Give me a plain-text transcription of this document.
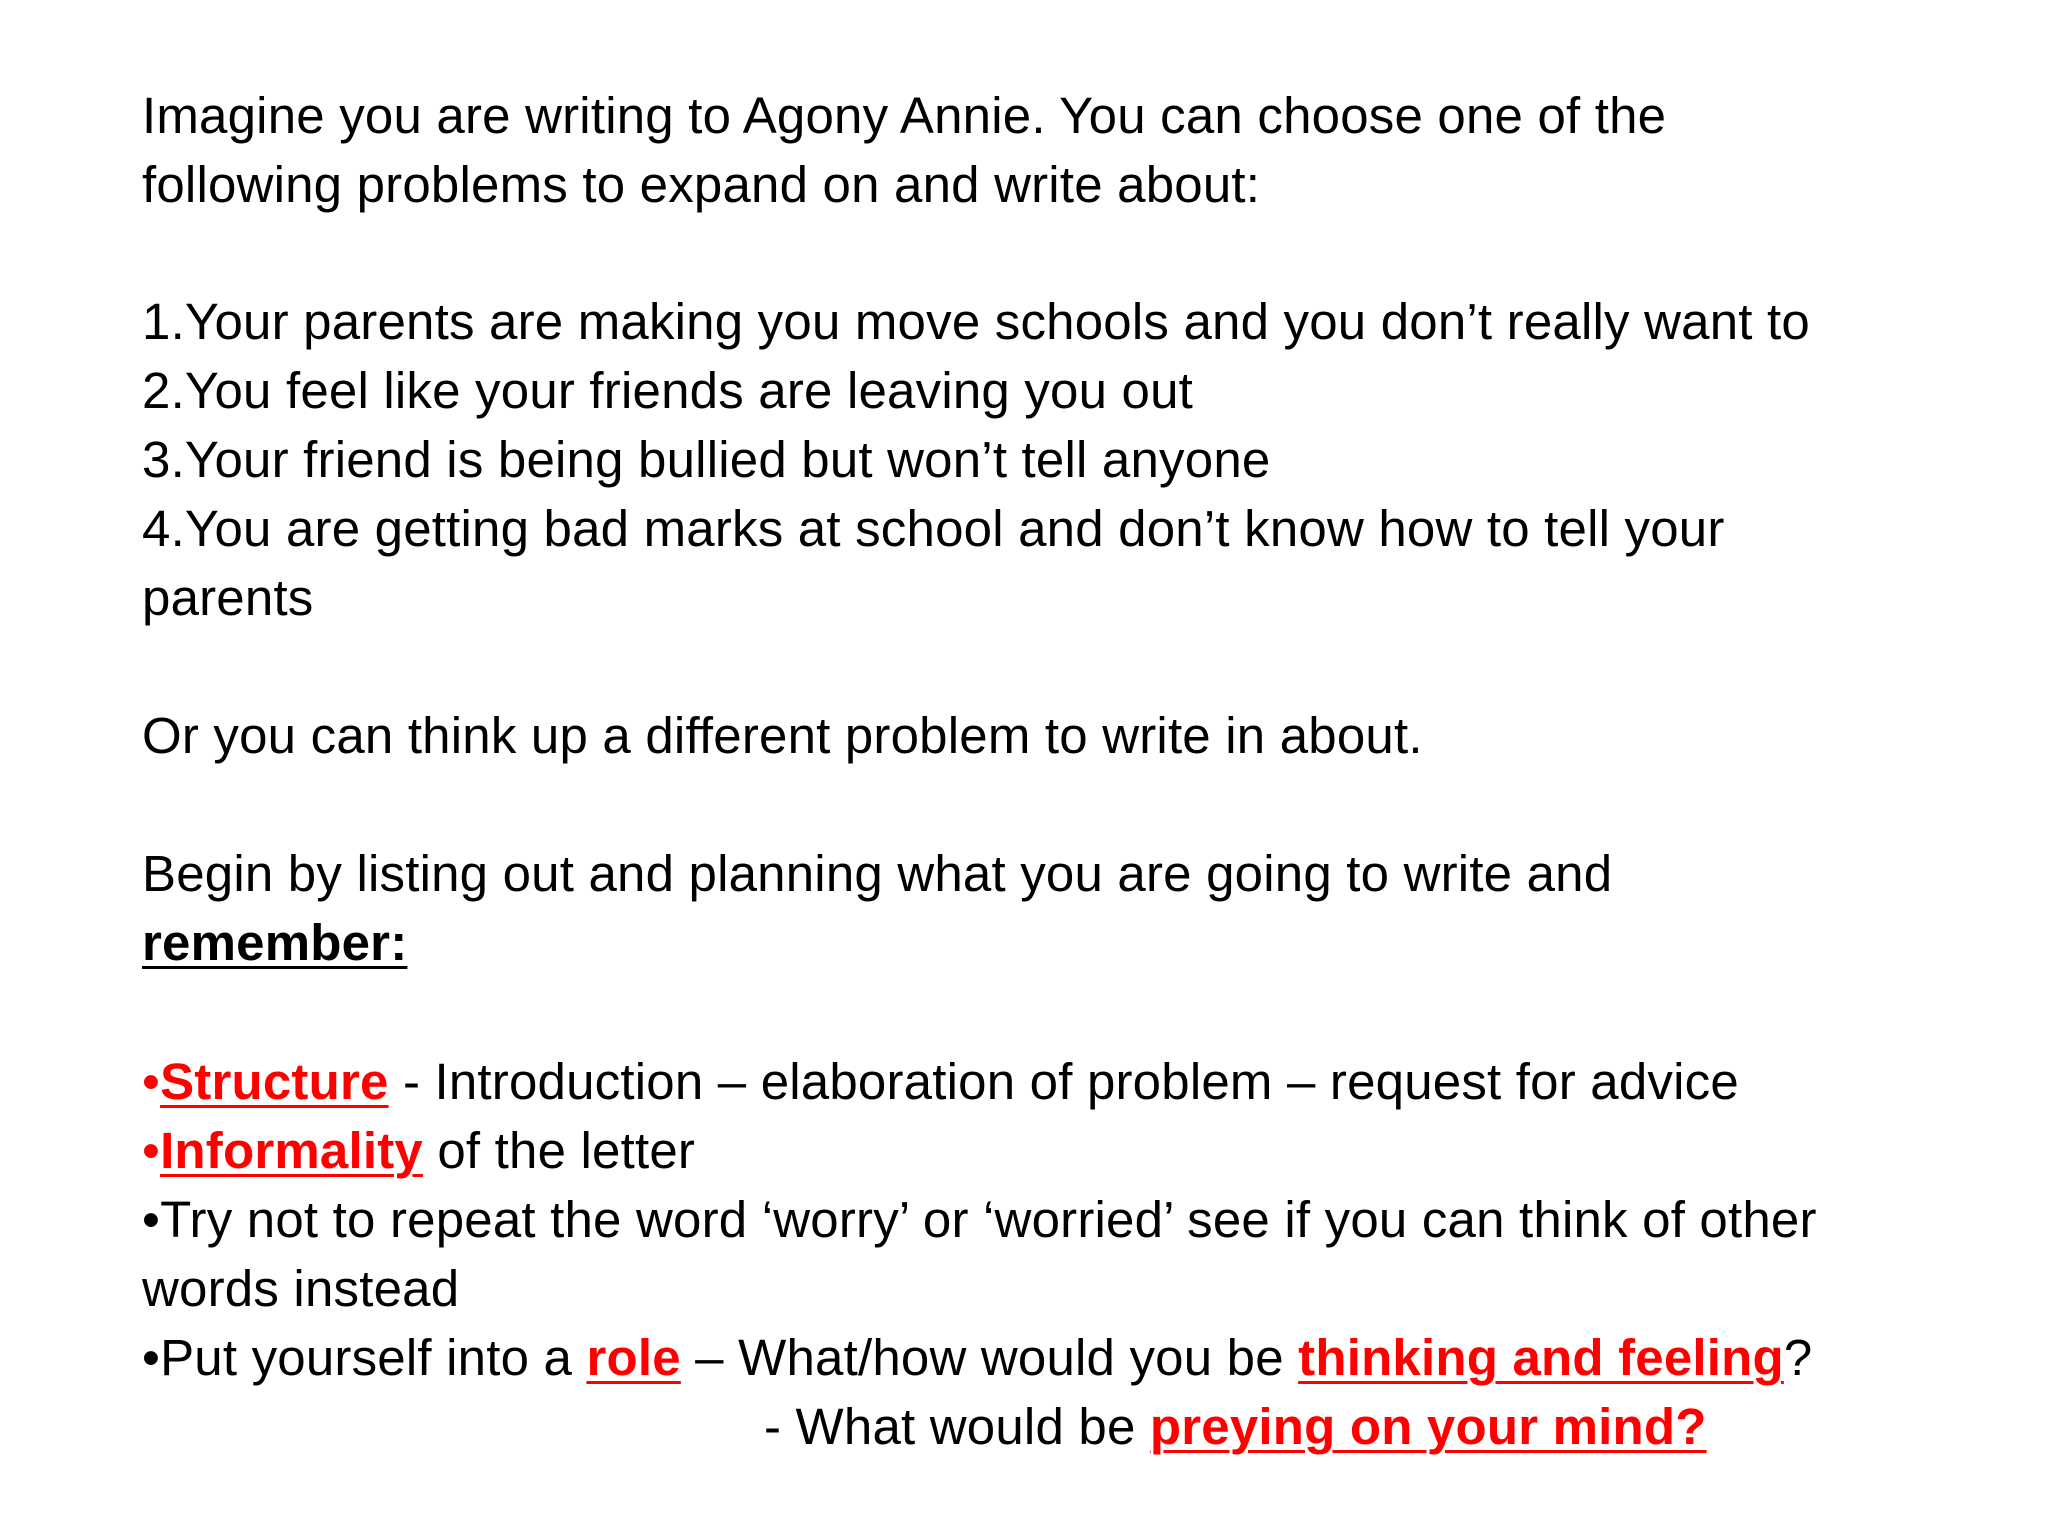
Imagine you are writing to Agony Annie. You can choose one of the
following problems to expand on and write about:
1.Your parents are making you move schools and you don’t really want to
2.You feel like your friends are leaving you out
3.Your friend is being bullied but won’t tell anyone
4.You are getting bad marks at school and don’t know how to tell your
parents
Or you can think up a different problem to write in about.
Begin by listing out and planning what you are going to write and
remember:
•Structure - Introduction – elaboration of problem – request for advice
•Informality of the letter
•Try not to repeat the word ‘worry’ or ‘worried’ see if you can think of other
words instead
•Put yourself into a role – What/how would you be thinking and feeling?
- What would be preying on your mind?
